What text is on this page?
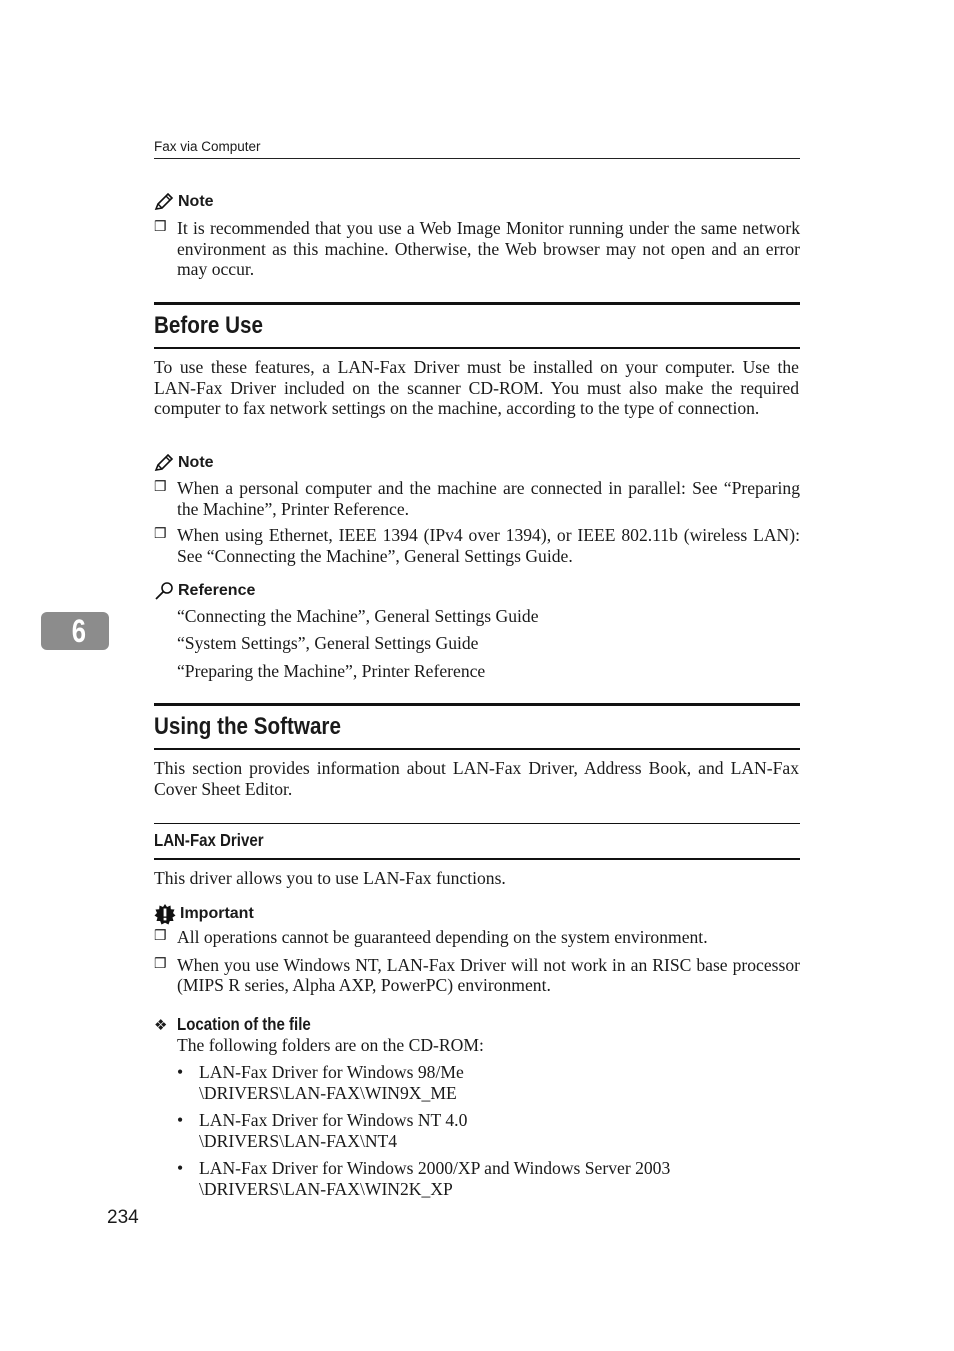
Fax via Computer
Note
❒ It is recommended that you use a Web Image Monitor running under the same network environment as this machine. Otherwise, the Web browser may not open and an error may occur.
Before Use
To use these features, a LAN-Fax Driver must be installed on your computer. Use the LAN-Fax Driver included on the scanner CD-ROM. You must also make the required computer to fax network settings on the machine, according to the type of connection.
Note
❒ When a personal computer and the machine are connected in parallel: See “Preparing the Machine”, Printer Reference.
❒ When using Ethernet, IEEE 1394 (IPv4 over 1394), or IEEE 802.11b (wireless LAN): See “Connecting the Machine”, General Settings Guide.
Reference
“Connecting the Machine”, General Settings Guide
“System Settings”, General Settings Guide
“Preparing the Machine”, Printer Reference
6
Using the Software
This section provides information about LAN-Fax Driver, Address Book, and LAN-Fax Cover Sheet Editor.
LAN-Fax Driver
This driver allows you to use LAN-Fax functions.
Important
❒ All operations cannot be guaranteed depending on the system environment.
❒ When you use Windows NT, LAN-Fax Driver will not work in an RISC base processor (MIPS R series, Alpha AXP, PowerPC) environment.
❖ Location of the file
The following folders are on the CD-ROM:
• LAN-Fax Driver for Windows 98/Me
\DRIVERS\LAN-FAX\WIN9X_ME
• LAN-Fax Driver for Windows NT 4.0
\DRIVERS\LAN-FAX\NT4
• LAN-Fax Driver for Windows 2000/XP and Windows Server 2003
\DRIVERS\LAN-FAX\WIN2K_XP
234
